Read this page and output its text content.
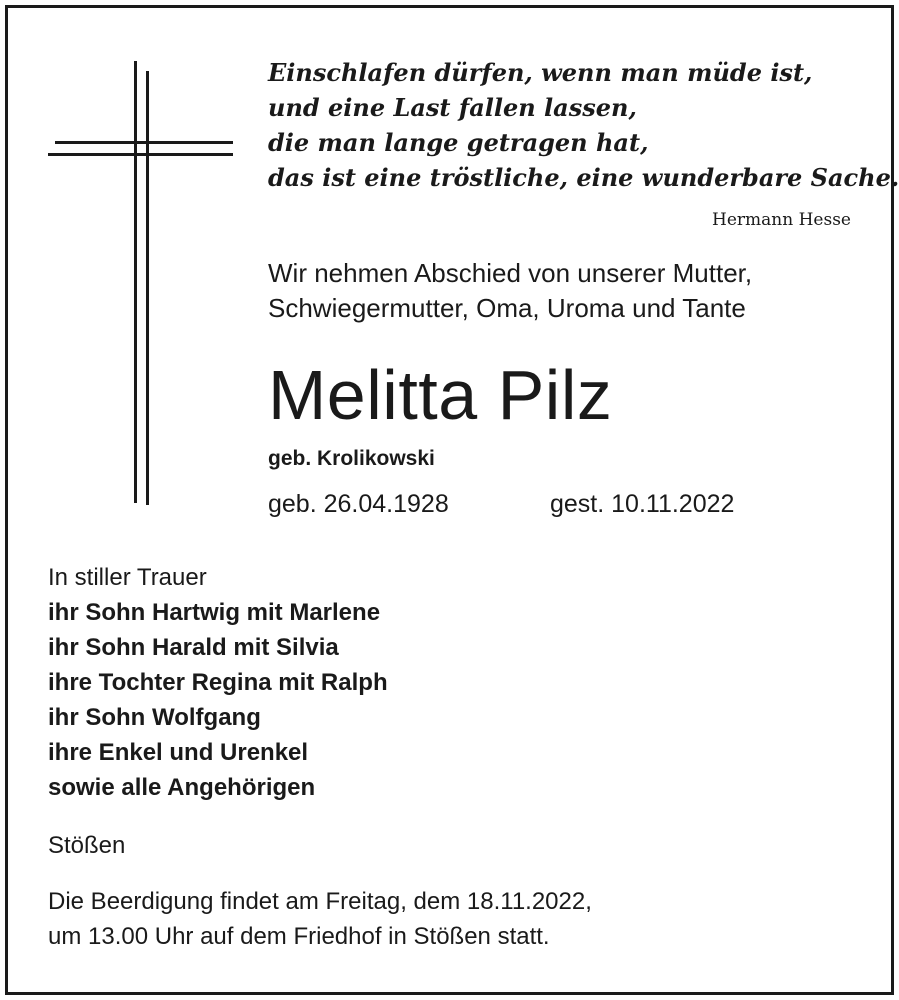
Einschlafen dürfen, wenn man müde ist,

und eine Last fallen lassen,

die man lange getragen hat,

das ist eine tröstliche, eine wunderbare Sache.

Hermann Hesse

Wir nehmen Abschied von unserer Mutter,

Schwiegermutter, Oma, Uroma und Tante

Melitta Pilz

geb. Krolikowski

geb. 26.04.1928	gest. 10.11.2022

In stiller Trauer

ihr Sohn Hartwig mit Marlene

ihr Sohn Harald mit Silvia

ihre Tochter Regina mit Ralph

ihr Sohn Wolfgang

ihre Enkel und Urenkel

sowie alle Angehörigen

Stößen

Die Beerdigung findet am Freitag, dem 18.11.2022,

um 13.00 Uhr auf dem Friedhof in Stößen statt.
